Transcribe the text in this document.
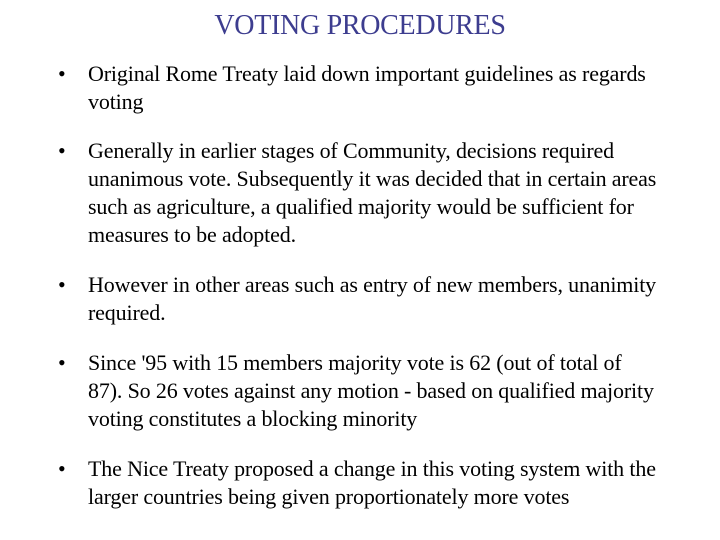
VOTING PROCEDURES
• Original Rome Treaty laid down important guidelines as regards voting
• Generally in earlier stages of Community, decisions required unanimous vote. Subsequently it was decided that in certain areas such as agriculture, a qualified majority would be sufficient for measures to be adopted.
• However in other areas such as entry of new members, unanimity required.
• Since '95 with 15 members majority vote is 62 (out of total of 87). So 26 votes against any motion - based on qualified majority voting constitutes a blocking minority
• The Nice Treaty proposed a change in this voting system with the larger countries being given proportionately more votes
